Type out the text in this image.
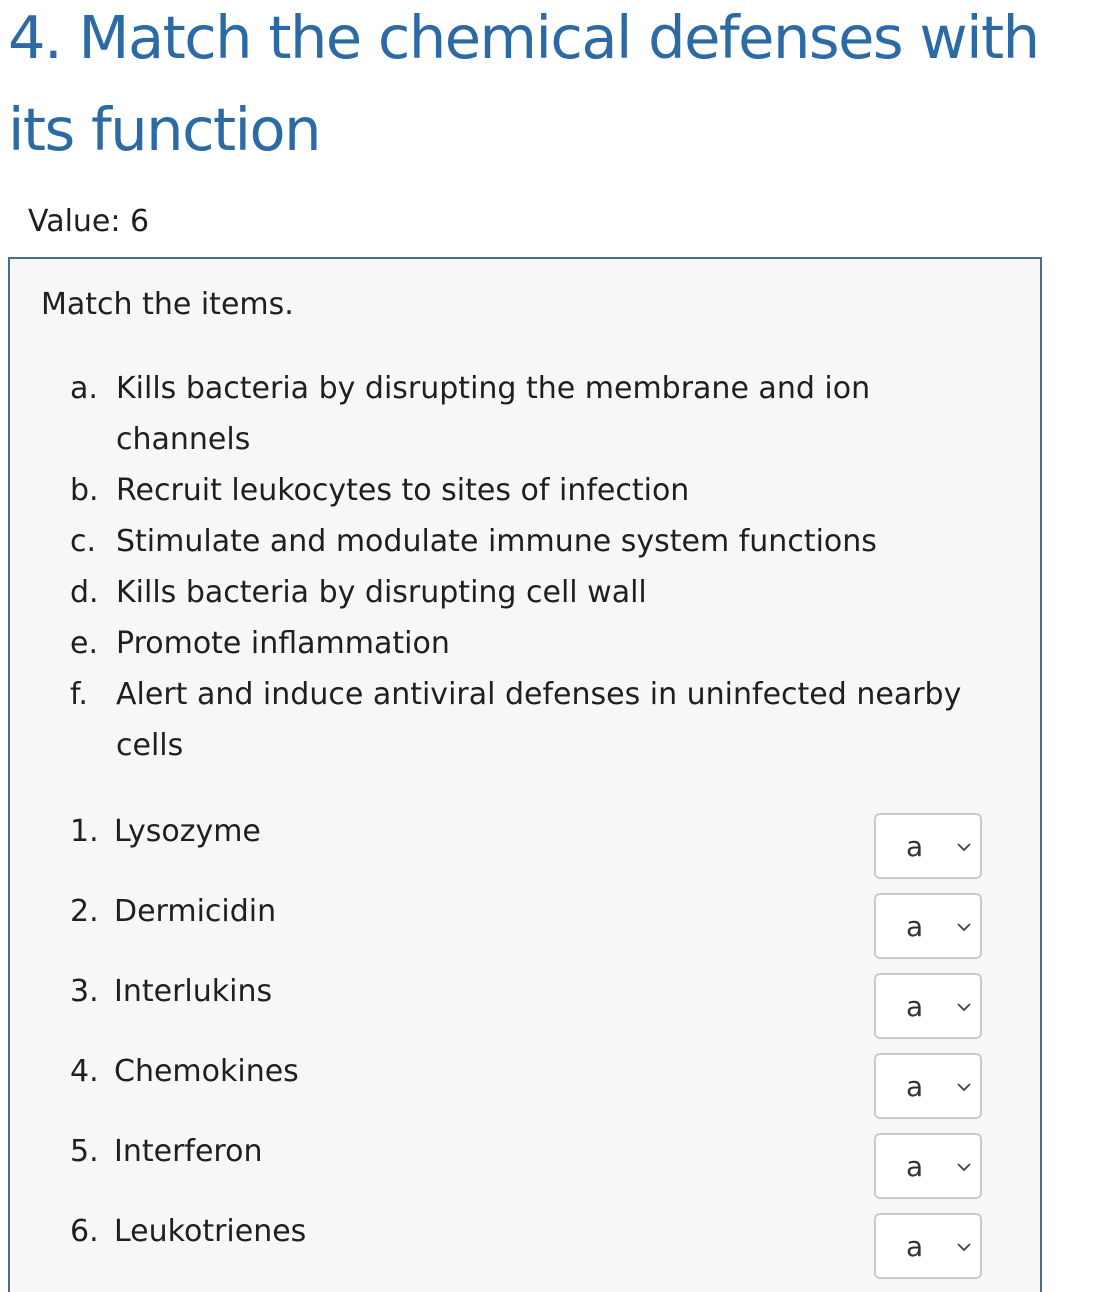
4. Match the chemical defenses with its function
Value: 6
Match the items.
a. Kills bacteria by disrupting the membrane and ion channels
b. Recruit leukocytes to sites of infection
c. Stimulate and modulate immune system functions
d. Kills bacteria by disrupting cell wall
e. Promote inflammation
f. Alert and induce antiviral defenses in uninfected nearby cells
1. Lysozyme	a
2. Dermicidin	a
3. Interlukins	a
4. Chemokines	a
5. Interferon	a
6. Leukotrienes	a
